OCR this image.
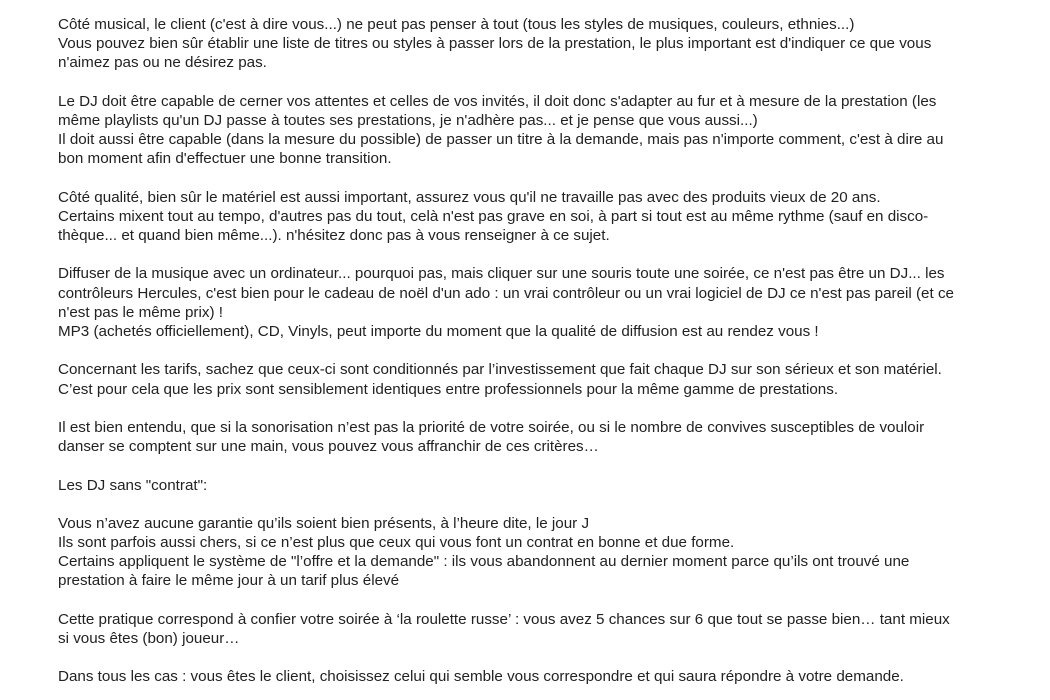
Côté musical, le client (c'est à dire vous...) ne peut pas penser à tout (tous les styles de musiques, couleurs, ethnies...)
Vous pouvez bien sûr établir une liste de titres ou styles à passer lors de la prestation, le plus important est d'indiquer ce que vous
n'aimez pas ou ne désirez pas.
Le DJ doit être capable de cerner vos attentes et celles de vos invités, il doit donc s'adapter au fur et à mesure de la prestation (les
même playlists qu'un DJ passe à toutes ses prestations, je n'adhère pas... et je pense que vous aussi...)
Il doit aussi être capable (dans la mesure du possible) de passer un titre à la demande, mais pas n'importe comment, c'est à dire au
bon moment afin d'effectuer une bonne transition.
Côté qualité, bien sûr le matériel est aussi important, assurez vous qu'il ne travaille pas avec des produits vieux de 20 ans.
Certains mixent tout au tempo, d'autres pas du tout, celà n'est pas grave en soi, à part si tout est au même rythme (sauf en disco-
thèque... et quand bien même...). n'hésitez donc pas à vous renseigner à ce sujet.
Diffuser de la musique avec un ordinateur... pourquoi pas, mais cliquer sur une souris toute une soirée, ce n'est pas être un DJ... les
contrôleurs Hercules, c'est bien pour le cadeau de noël d'un ado : un vrai contrôleur ou un vrai logiciel de DJ ce n'est pas pareil (et ce
n'est pas le même prix) !
MP3 (achetés officiellement), CD, Vinyls, peut importe du moment que la qualité de diffusion est au rendez vous !
Concernant les tarifs, sachez que ceux-ci sont conditionnés par l’investissement que fait chaque DJ sur son sérieux et son matériel.
C’est pour cela que les prix sont sensiblement identiques entre professionnels pour la même gamme de prestations.
Il est bien entendu, que si la sonorisation n’est pas la priorité de votre soirée, ou si le nombre de convives susceptibles de vouloir
danser se comptent sur une main, vous pouvez vous affranchir de ces critères…
Les DJ sans "contrat":
Vous n’avez aucune garantie qu’ils soient bien présents, à l’heure dite, le jour J
Ils sont parfois aussi chers, si ce n’est plus que ceux qui vous font un contrat en bonne et due forme.
Certains appliquent le système de "l’offre et la demande" : ils vous abandonnent au dernier moment parce qu’ils ont trouvé une
prestation à faire le même jour à un tarif plus élevé
Cette pratique correspond à confier votre soirée à ‘la roulette russe’ : vous avez 5 chances sur 6 que tout se passe bien… tant mieux
si vous êtes (bon) joueur…
Dans tous les cas : vous êtes le client, choisissez celui qui semble vous correspondre et qui saura répondre à votre demande.
